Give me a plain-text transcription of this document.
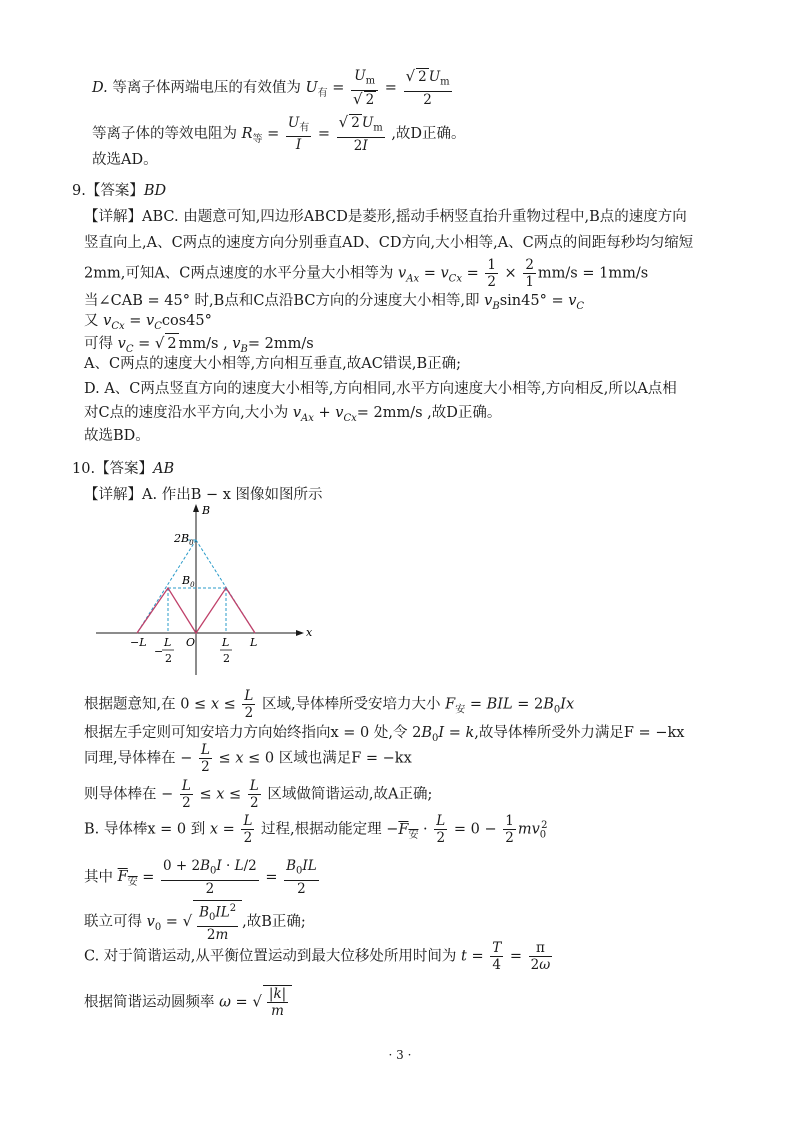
D. 等离子体两端电压的有效值为 $U_有 = \frac{U_m}{√ 2} = \frac{√ 2 U_m}{2}$
等离子体的等效电阻为 $R_等 = \frac{U_有}{I} = \frac{√ 2 U_m}{2I}$ ,故D正确。
故选AD。
9.【答案】BD
【详解】ABC. 由题意可知,四边形ABCD是菱形,摇动手柄竖直抬升重物过程中,B点的速度方向
竖直向上,A、C两点的速度方向分别垂直AD、CD方向,大小相等,A、C两点的间距每秒均匀缩短
2mm,可知A、C两点速度的水平分量大小相等为 $v_{Ax} = v_{Cx} = \frac{1}{2} \times \frac{2}{1} mm/s = 1mm/s$
当∠CAB = 45° 时,B点和C点沿BC方向的分速度大小相等,即 $v_B\sin 45^\circ = v_C$
又 $v_{Cx} = v_C\cos 45^\circ$
可得 $v_C$ = √ 2 mm/s , $v_B= 2mm/s$
A、C两点的速度大小相等,方向相互垂直,故AC错误,B正确;
D. A、C两点竖直方向的速度大小相等,方向相同,水平方向速度大小相等,方向相反,所以A点相
对C点的速度沿水平方向,大小为 $v_{Ax} + v_{Cx}= 2mm/s$ ,故D正确。
故选BD。
10.【答案】AB
【详解】A. 作出B − x 图像如图所示
B
x
$2B_0$
$B_0$
O
−L	L
−
L
2
L
2
根据题意知,在 $0 \le x \le \frac{L}{2}$ 区域,导体棒所受安培力大小 $F_安$ = BIL = $2B_0Ix$
根据左手定则可知安培力方向始终指向x = 0 处,令 $2B_0I = k$,故导体棒所受外力满足F = −kx
同理,导体棒在 − $\frac{L}{2} \le x \le 0$ 区域也满足F = −kx
则导体棒在 − $\frac{L}{2} \le x \le \frac{L}{2}$ 区域做简谐运动,故A正确;
B. 导体棒x = 0 到 $x = \frac{L}{2}$ 过程,根据动能定理 $-F_安 \cdot \frac{L}{2} = 0 - \frac{1}{2} mv_0^2$
其中 $F_安 = \frac{0 + 2B_0I \cdot L/2}{2} = \frac{B_0IL}{2}$
联立可得 $v_0$ = √ $\frac{B_0IL^2}{2m}$ ,故B正确;
C. 对于简谐运动,从平衡位置运动到最大位移处所用时间为 $t = \frac{T}{4} = \frac{\pi}{2\omega}$
根据简谐运动圆频率 ω = √ $\frac{|k|}{m}$
· 3 ·
